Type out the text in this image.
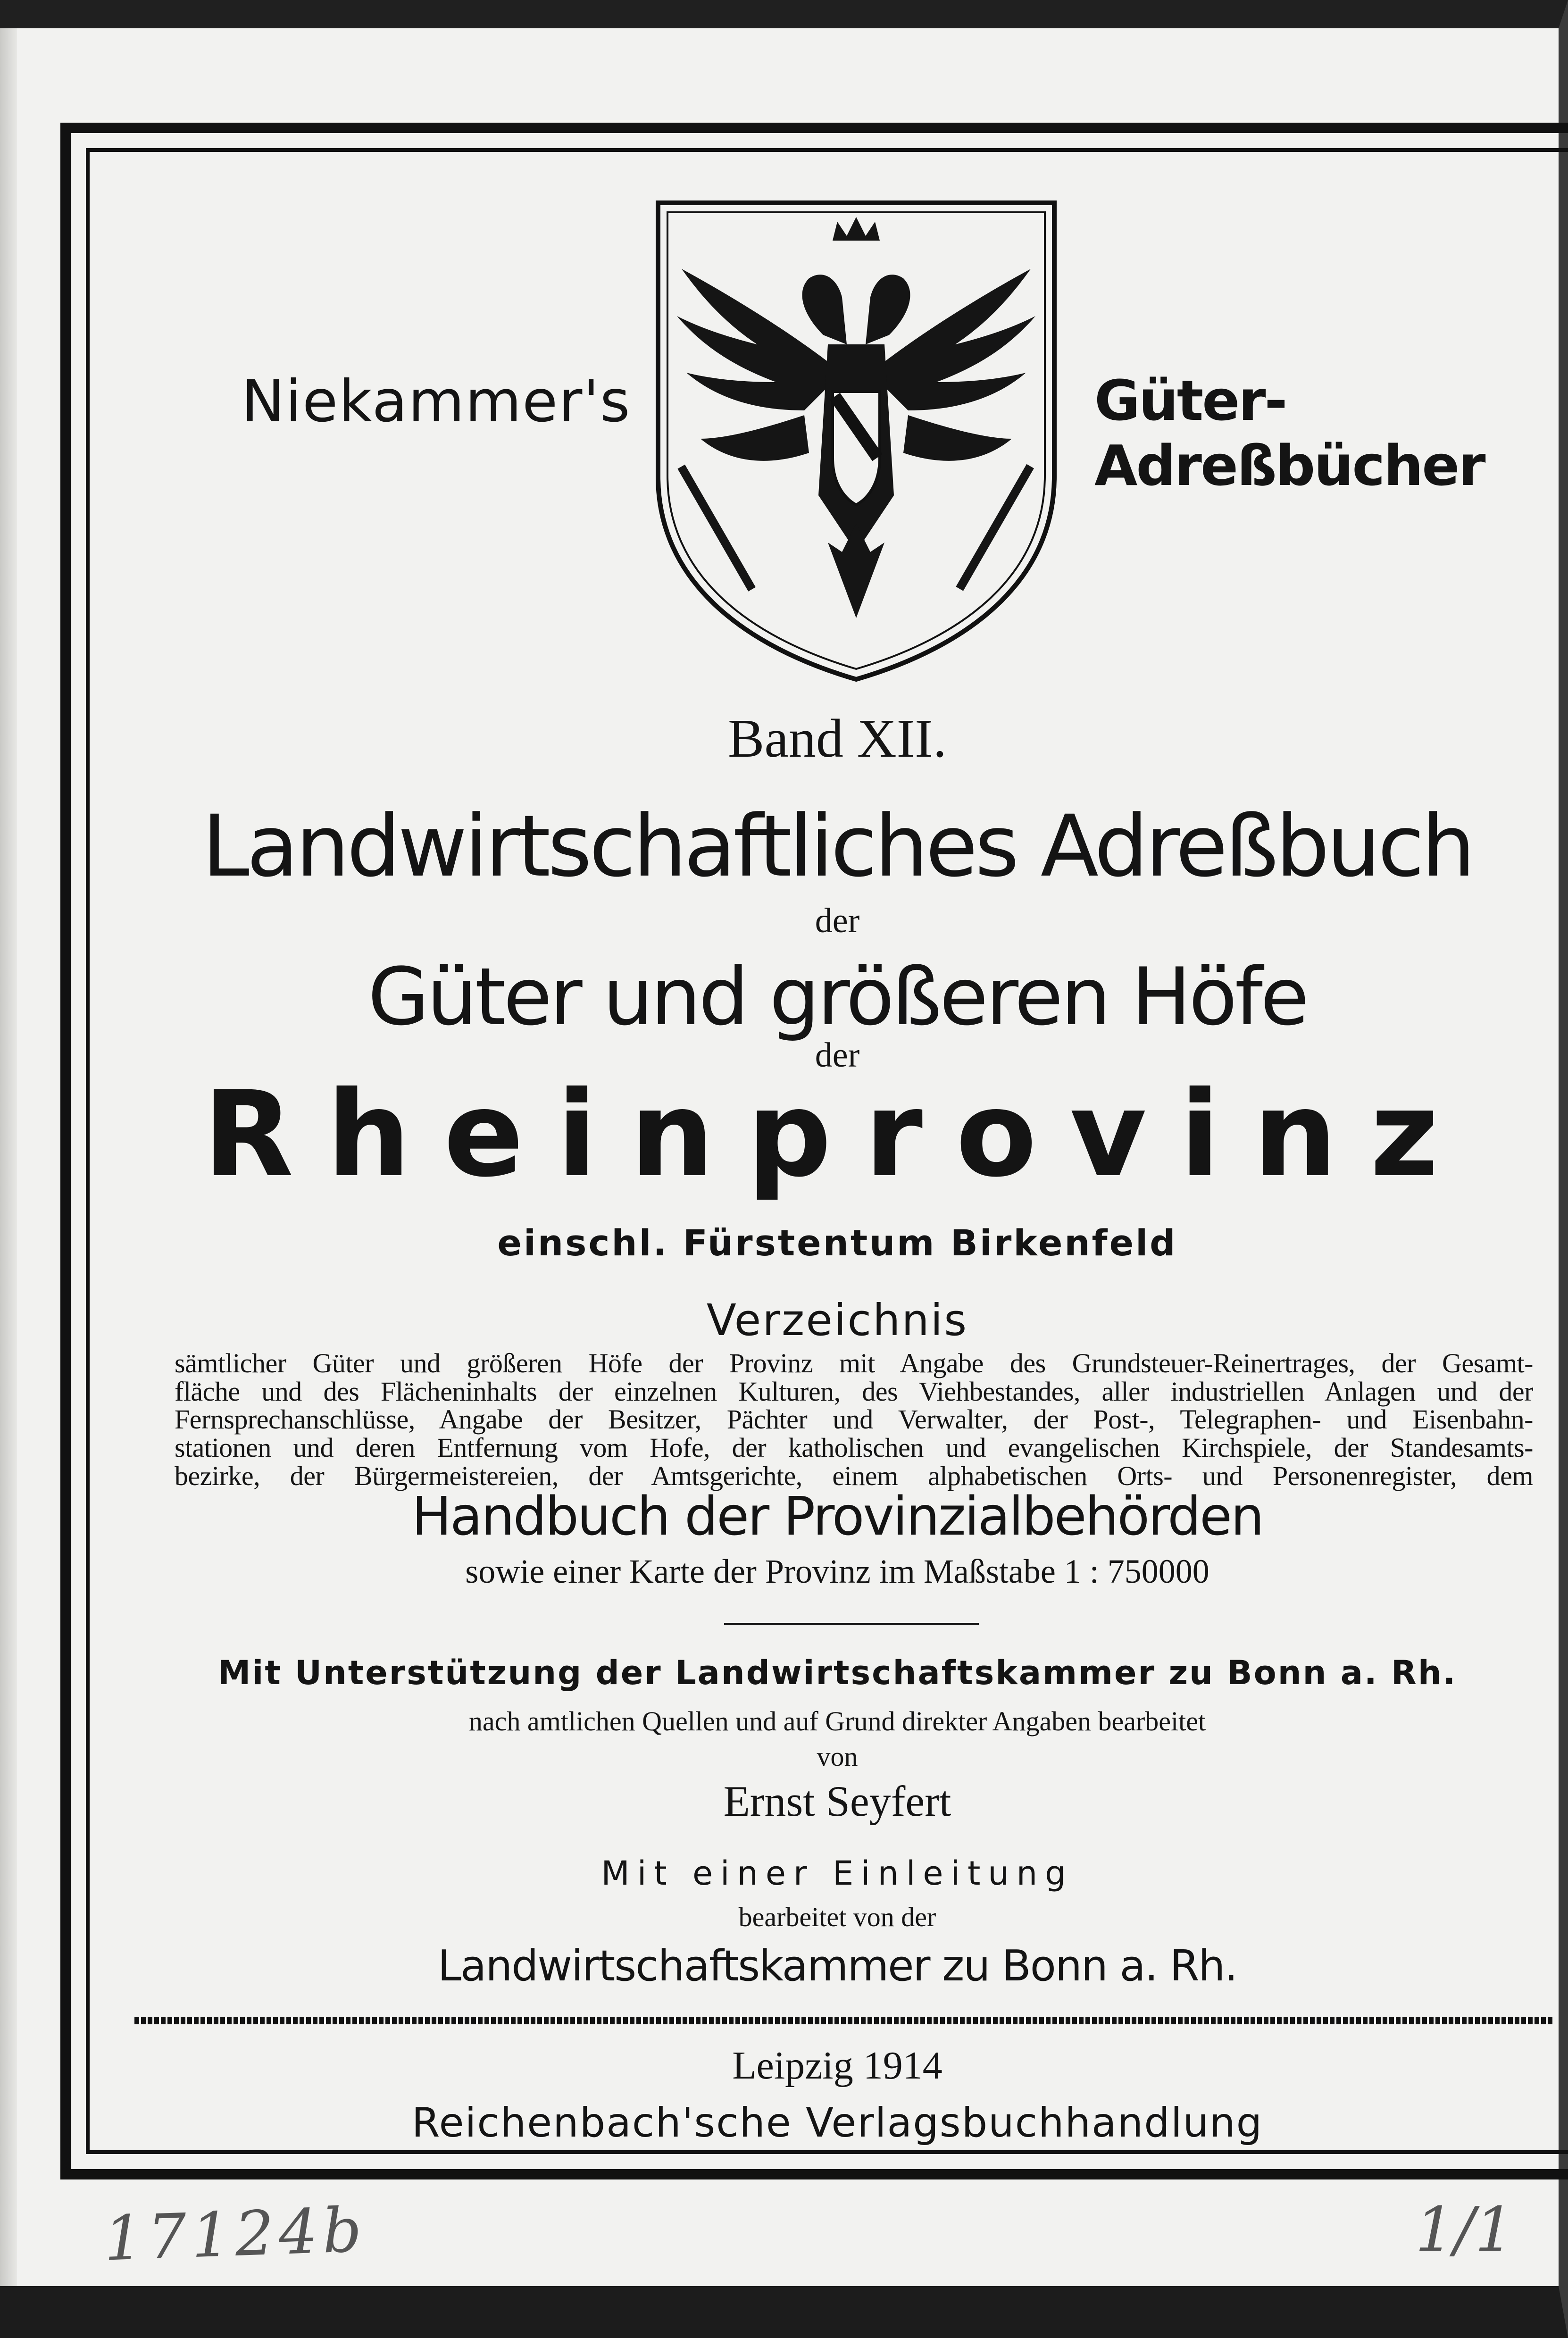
Niekammer's	Güter-Adreßbücher
Band XII.
Landwirtschaftliches Adreßbuch
der
Güter und größeren Höfe
der
Rheinprovinz
einschl. Fürstentum Birkenfeld
Verzeichnis
sämtlicher Güter und größeren Höfe der Provinz mit Angabe des Grundsteuer-Reinertrages, der Gesamt-
fläche und des Flächeninhalts der einzelnen Kulturen, des Viehbestandes, aller industriellen Anlagen und der
Fernsprechanschlüsse, Angabe der Besitzer, Pächter und Verwalter, der Post-, Telegraphen- und Eisenbahn-
stationen und deren Entfernung vom Hofe, der katholischen und evangelischen Kirchspiele, der Standesamts-
bezirke, der Bürgermeistereien, der Amtsgerichte, einem alphabetischen Orts- und Personenregister, dem
Handbuch der Provinzialbehörden
sowie einer Karte der Provinz im Maßstabe 1 : 750000
Mit Unterstützung der Landwirtschaftskammer zu Bonn a. Rh.
nach amtlichen Quellen und auf Grund direkter Angaben bearbeitet
von
Ernst Seyfert
Mit einer Einleitung
bearbeitet von der
Landwirtschaftskammer zu Bonn a. Rh.
Leipzig 1914
Reichenbach'sche Verlagsbuchhandlung
17124b	1/1
